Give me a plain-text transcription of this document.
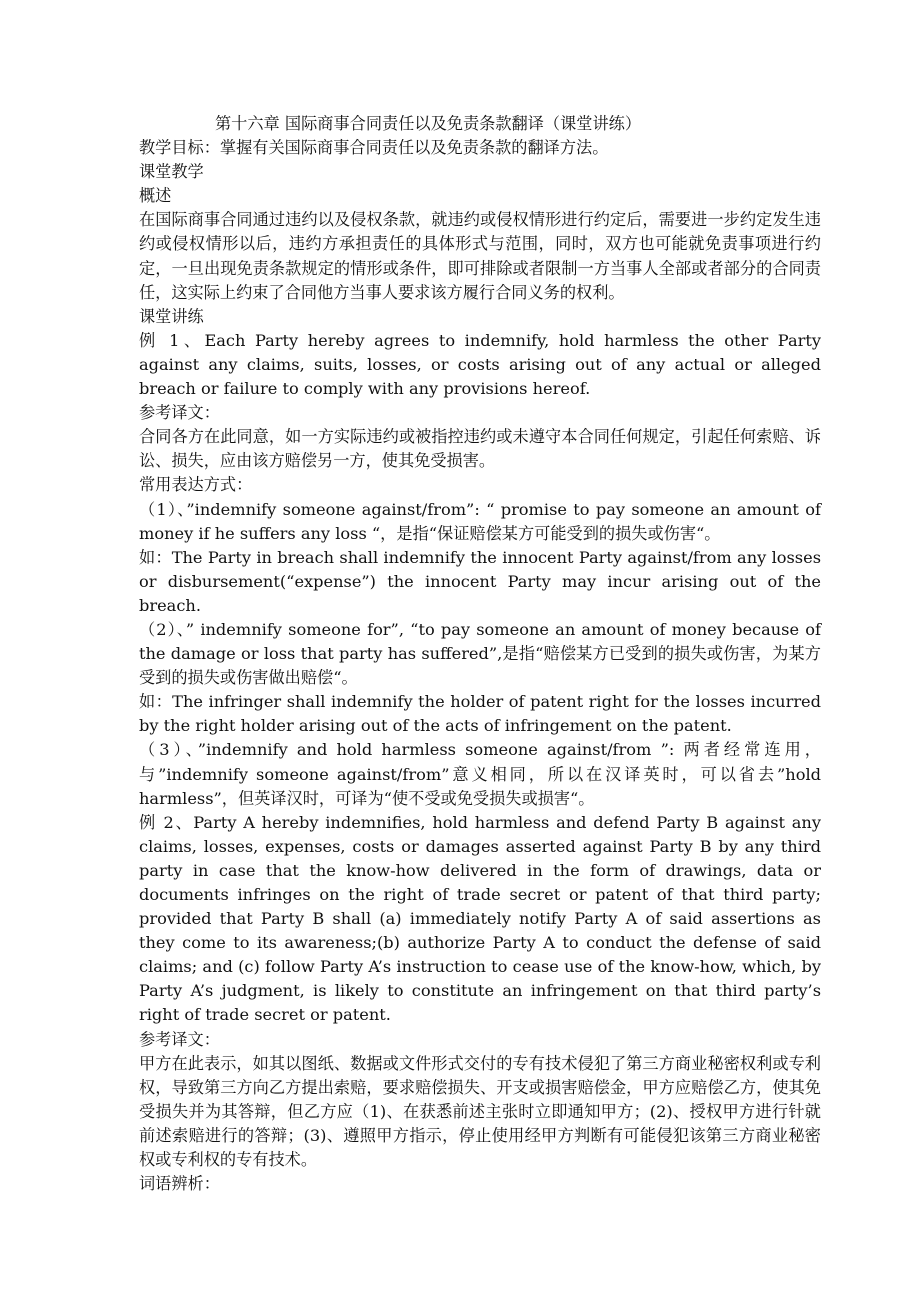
第十六章 国际商事合同责任以及免责条款翻译（课堂讲练）

教学目标：掌握有关国际商事合同责任以及免责条款的翻译方法。

课堂教学

概述

在国际商事合同通过违约以及侵权条款，就违约或侵权情形进行约定后，需要进一步约定发生违约或侵权情形以后，违约方承担责任的具体形式与范围，同时，双方也可能就免责事项进行约定，一旦出现免责条款规定的情形或条件，即可排除或者限制一方当事人全部或者部分的合同责任，这实际上约束了合同他方当事人要求该方履行合同义务的权利。

课堂讲练

例 1、Each Party hereby agrees to indemnify, hold harmless the other Party against any claims, suits, losses, or costs arising out of any actual or alleged breach or failure to comply with any provisions hereof.

参考译文：

合同各方在此同意，如一方实际违约或被指控违约或未遵守本合同任何规定，引起任何索赔、诉讼、损失，应由该方赔偿另一方，使其免受损害。

常用表达方式：

（1）、”indemnify someone against/from”: “ promise to pay someone an amount of money if he suffers any loss “，是指“保证赔偿某方可能受到的损失或伤害“。

如：The Party in breach shall indemnify the innocent Party against/from any losses or disbursement(“expense”) the innocent Party may incur arising out of the breach.

（2）、” indemnify someone for”, “to pay someone an amount of money because of the damage or loss that party has suffered”,是指“赔偿某方已受到的损失或伤害，为某方受到的损失或伤害做出赔偿“。

如：The infringer shall indemnify the holder of patent right for the losses incurred by the right holder arising out of the acts of infringement on the patent.

（3）、”indemnify and hold harmless someone against/from ”: 两者经常连用，与”indemnify someone against/from”意义相同，所以在汉译英时，可以省去”hold harmless”，但英译汉时，可译为“使不受或免受损失或损害“。

例 2、Party A hereby indemnifies, hold harmless and defend Party B against any claims, losses, expenses, costs or damages asserted against Party B by any third party in case that the know-how delivered in the form of drawings, data or documents infringes on the right of trade secret or patent of that third party; provided that Party B shall (a) immediately notify Party A of said assertions as they come to its awareness;(b) authorize Party A to conduct the defense of said claims; and (c) follow Party A’s instruction to cease use of the know-how, which, by Party A’s judgment, is likely to constitute an infringement on that third party’s right of trade secret or patent.

参考译文：

甲方在此表示，如其以图纸、数据或文件形式交付的专有技术侵犯了第三方商业秘密权利或专利权，导致第三方向乙方提出索赔，要求赔偿损失、开支或损害赔偿金，甲方应赔偿乙方，使其免受损失并为其答辩，但乙方应（1)、在获悉前述主张时立即通知甲方；(2)、授权甲方进行针就前述索赔进行的答辩；(3)、遵照甲方指示，停止使用经甲方判断有可能侵犯该第三方商业秘密权或专利权的专有技术。

词语辨析：
